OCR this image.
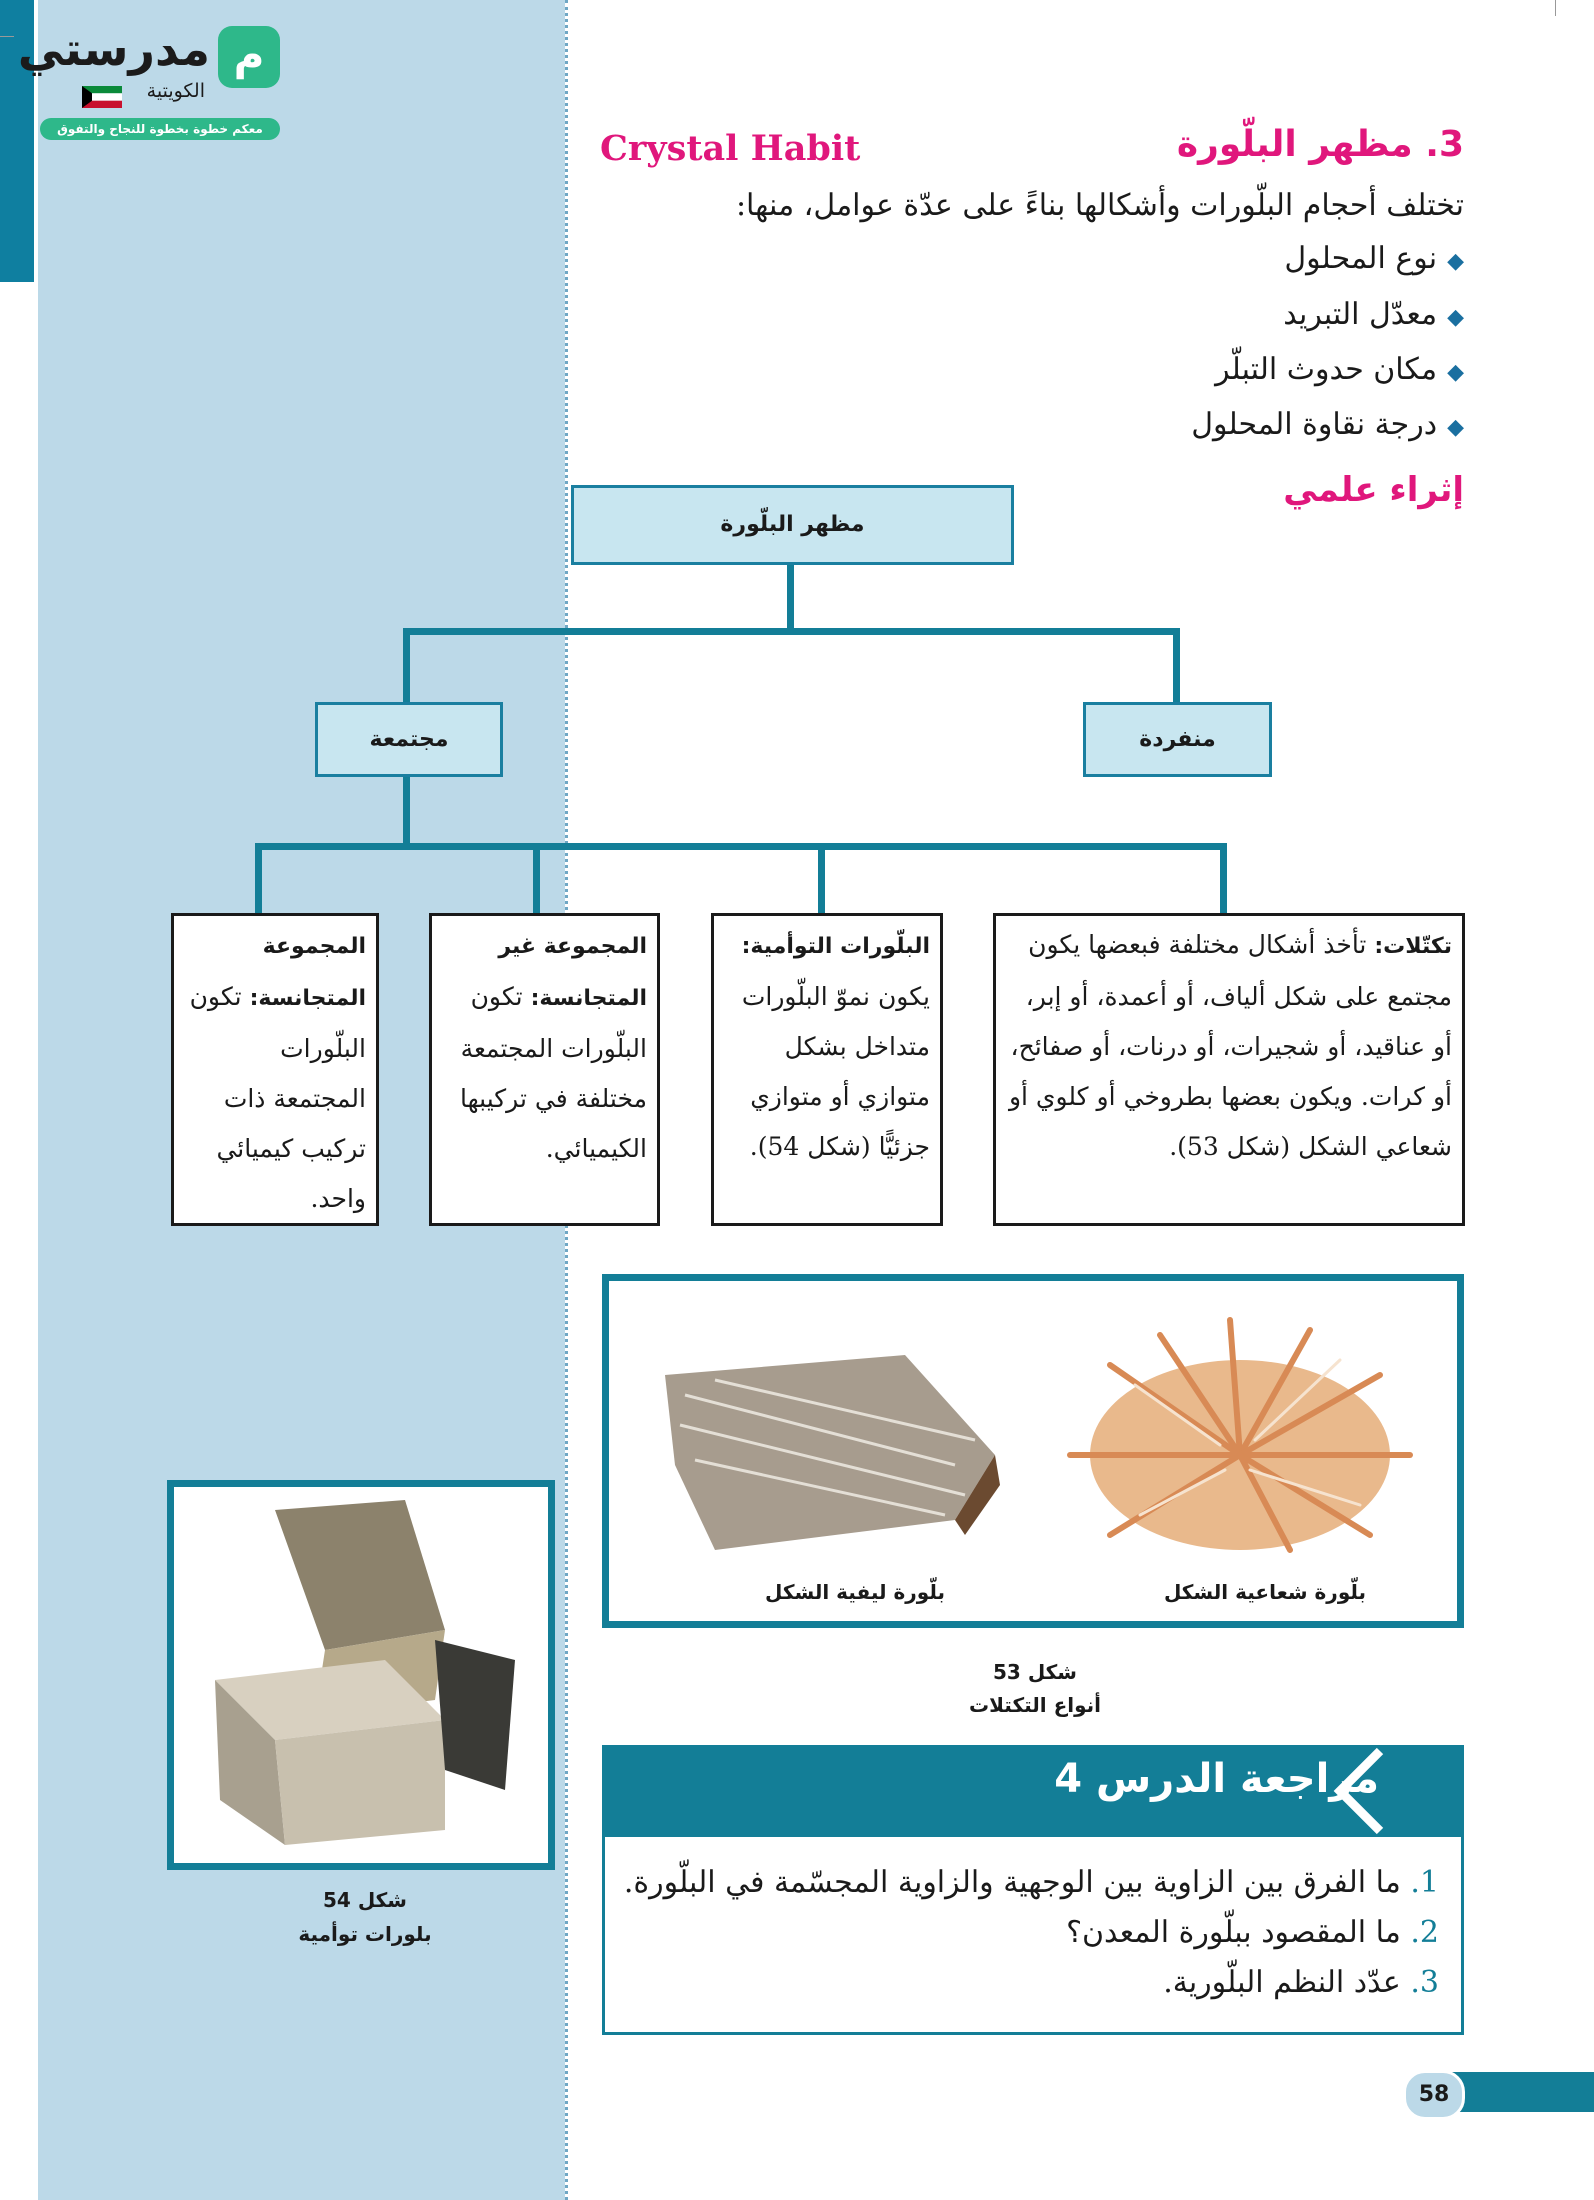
م
مدرستي
الكويتية
معكم خطوة بخطوة للنجاح والتفوق	3. مظهر البلّورة
Crystal Habit
تختلف أحجام البلّورات وأشكالها بناءً على عدّة عوامل، منها:
◆نوع المحلول
◆معدّل التبريد
◆مكان حدوث التبلّر
◆درجة نقاوة المحلول
إثراء علمي
مظهر البلّورة
مجتمعة	منفردة
تكتّلات: تأخذ أشكال مختلفة فبعضها يكون مجتمع على شكل ألياف، أو أعمدة، أو إبر، أو عناقيد، أو شجيرات، أو درنات، أو صفائح، أو كرات. ويكون بعضها بطروخي أو كلوي أو شعاعي الشكل (شكل 53).
البلّورات التوأمية: يكون نموّ البلّورات متداخل بشكل متوازي أو متوازي جزئيًّا (شكل 54).
المجموعة غير المتجانسة: تكون البلّورات المجتمعة مختلفة في تركيبها الكيميائي.
المجموعة المتجانسة: تكون البلّورات المجتمعة ذات تركيب كيميائي واحد.
بلّورة شعاعية الشكل
بلّورة ليفية الشكل
شكل 53
أنواع التكتلات
شكل 54
بلورات توأمية
مراجعة الدرس 4
1. ما الفرق بين الزاوية بين الوجهية والزاوية المجسّمة في البلّورة.
2. ما المقصود ببلّورة المعدن؟
3. عدّد النظم البلّورية.
58
